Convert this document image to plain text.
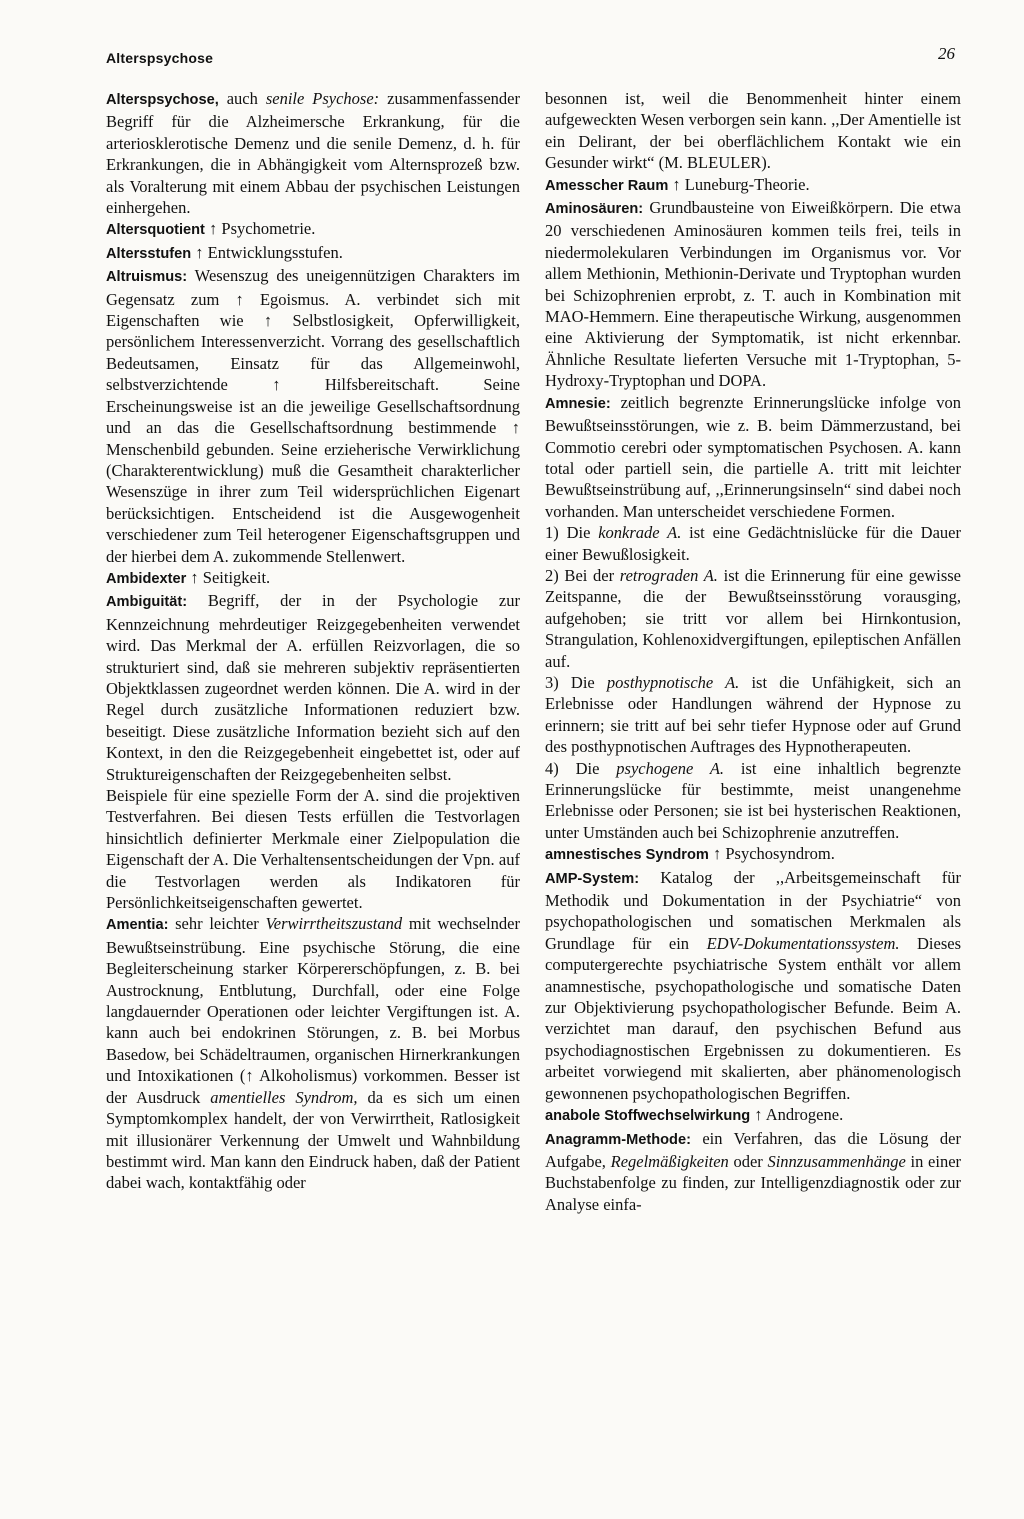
Alterspsychose	26

Alterspsychose, auch senile Psychose: zusammenfassender Begriff für die Alzheimersche Erkrankung, für die arteriosklerotische Demenz und die senile Demenz, d. h. für Erkrankungen, die in Abhängigkeit vom Alternsprozeß bzw. als Voralterung mit einem Abbau der psychischen Leistungen einhergehen.

Altersquotient ↑ Psychometrie.

Altersstufen ↑ Entwicklungsstufen.

Altruismus: Wesenszug des uneigennützigen Charakters im Gegensatz zum ↑ Egoismus. A. verbindet sich mit Eigenschaften wie ↑ Selbstlosigkeit, Opferwilligkeit, persönlichem Interessenverzicht. Vorrang des gesellschaftlich Bedeutsamen, Einsatz für das Allgemeinwohl, selbstverzichtende ↑ Hilfsbereitschaft. Seine Erscheinungsweise ist an die jeweilige Gesellschaftsordnung und an das die Gesellschaftsordnung bestimmende ↑ Menschenbild gebunden. Seine erzieherische Verwirklichung (Charakterentwicklung) muß die Gesamtheit charakterlicher Wesenszüge in ihrer zum Teil widersprüchlichen Eigenart berücksichtigen. Entscheidend ist die Ausgewogenheit verschiedener zum Teil heterogener Eigenschaftsgruppen und der hierbei dem A. zukommende Stellenwert.

Ambidexter ↑ Seitigkeit.

Ambiguität: Begriff, der in der Psychologie zur Kennzeichnung mehrdeutiger Reizgegebenheiten verwendet wird. Das Merkmal der A. erfüllen Reizvorlagen, die so strukturiert sind, daß sie mehreren subjektiv repräsentierten Objektklassen zugeordnet werden können. Die A. wird in der Regel durch zusätzliche Informationen reduziert bzw. beseitigt. Diese zusätzliche Information bezieht sich auf den Kontext, in den die Reizgegebenheit eingebettet ist, oder auf Struktureigenschaften der Reizgegebenheiten selbst.

Beispiele für eine spezielle Form der A. sind die projektiven Testverfahren. Bei diesen Tests erfüllen die Testvorlagen hinsichtlich definierter Merkmale einer Zielpopulation die Eigenschaft der A. Die Verhaltensentscheidungen der Vpn. auf die Testvorlagen werden als Indikatoren für Persönlichkeitseigenschaften gewertet.

Amentia: sehr leichter Verwirrtheitszustand mit wechselnder Bewußtseinstrübung. Eine psychische Störung, die eine Begleiterscheinung starker Körpererschöpfungen, z. B. bei Austrocknung, Entblutung, Durchfall, oder eine Folge langdauernder Operationen oder leichter Vergiftungen ist. A. kann auch bei endokrinen Störungen, z. B. bei Morbus Basedow, bei Schädeltraumen, organischen Hirnerkrankungen und Intoxikationen (↑ Alkoholismus) vorkommen. Besser ist der Ausdruck amentielles Syndrom, da es sich um einen Symptomkomplex handelt, der von Verwirrtheit, Ratlosigkeit mit illusionärer Verkennung der Umwelt und Wahnbildung bestimmt wird. Man kann den Eindruck haben, daß der Patient dabei wach, kontaktfähig oder

besonnen ist, weil die Benommenheit hinter einem aufgeweckten Wesen verborgen sein kann. ,,Der Amentielle ist ein Delirant, der bei oberflächlichem Kontakt wie ein Gesunder wirkt“ (M. BLEULER).

Amesscher Raum ↑ Luneburg-Theorie.

Aminosäuren: Grundbausteine von Eiweißkörpern. Die etwa 20 verschiedenen Aminosäuren kommen teils frei, teils in niedermolekularen Verbindungen im Organismus vor. Vor allem Methionin, Methionin-Derivate und Tryptophan wurden bei Schizophrenien erprobt, z. T. auch in Kombination mit MAO-Hemmern. Eine therapeutische Wirkung, ausgenommen eine Aktivierung der Symptomatik, ist nicht erkennbar. Ähnliche Resultate lieferten Versuche mit 1-Tryptophan, 5-Hydroxy-Tryptophan und DOPA.

Amnesie: zeitlich begrenzte Erinnerungslücke infolge von Bewußtseinsstörungen, wie z. B. beim Dämmerzustand, bei Commotio cerebri oder symptomatischen Psychosen. A. kann total oder partiell sein, die partielle A. tritt mit leichter Bewußtseinstrübung auf, ,,Erinnerungsinseln“ sind dabei noch vorhanden. Man unterscheidet verschiedene Formen.

1) Die konkrade A. ist eine Gedächtnislücke für die Dauer einer Bewußlosigkeit.

2) Bei der retrograden A. ist die Erinnerung für eine gewisse Zeitspanne, die der Bewußtseinsstörung vorausging, aufgehoben; sie tritt vor allem bei Hirnkontusion, Strangulation, Kohlenoxidvergiftungen, epileptischen Anfällen auf.

3) Die posthypnotische A. ist die Unfähigkeit, sich an Erlebnisse oder Handlungen während der Hypnose zu erinnern; sie tritt auf bei sehr tiefer Hypnose oder auf Grund des posthypnotischen Auftrages des Hypnotherapeuten.

4) Die psychogene A. ist eine inhaltlich begrenzte Erinnerungslücke für bestimmte, meist unangenehme Erlebnisse oder Personen; sie ist bei hysterischen Reaktionen, unter Umständen auch bei Schizophrenie anzutreffen.

amnestisches Syndrom ↑ Psychosyndrom.

AMP-System: Katalog der ,,Arbeitsgemeinschaft für Methodik und Dokumentation in der Psychiatrie“ von psychopathologischen und somatischen Merkmalen als Grundlage für ein EDV-Dokumentationssystem. Dieses computergerechte psychiatrische System enthält vor allem anamnestische, psychopathologische und somatische Daten zur Objektivierung psychopathologischer Befunde. Beim A. verzichtet man darauf, den psychischen Befund aus psychodiagnostischen Ergebnissen zu dokumentieren. Es arbeitet vorwiegend mit skalierten, aber phänomenologisch gewonnenen psychopathologischen Begriffen.

anabole Stoffwechselwirkung ↑ Androgene.

Anagramm-Methode: ein Verfahren, das die Lösung der Aufgabe, Regelmäßigkeiten oder Sinnzusammenhänge in einer Buchstabenfolge zu finden, zur Intelligenzdiagnostik oder zur Analyse einfa-
